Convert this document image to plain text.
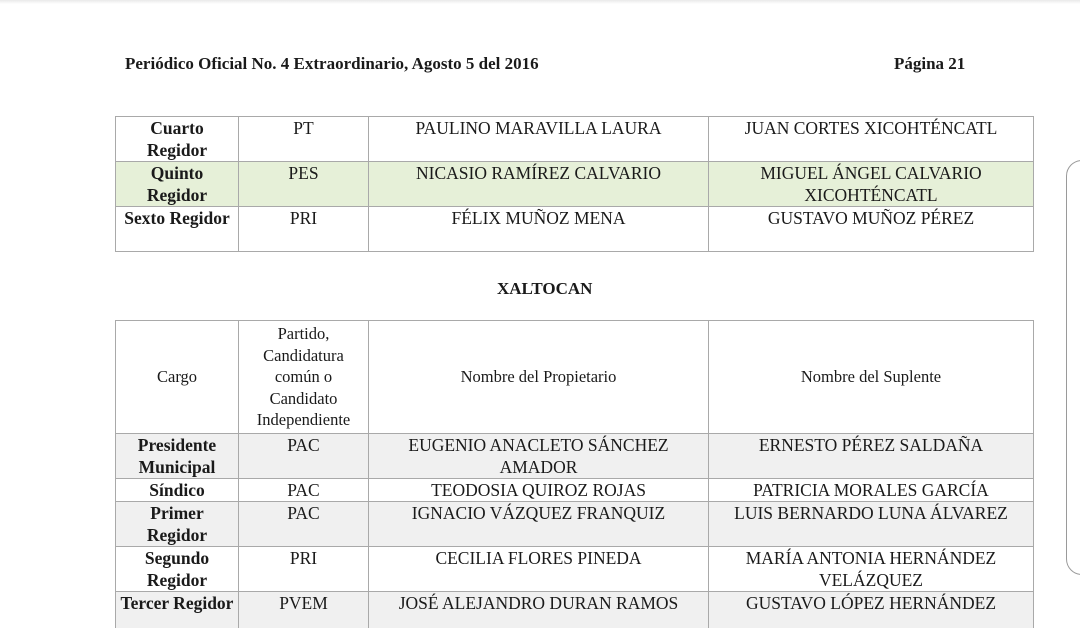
Periódico Oficial No. 4 Extraordinario, Agosto 5 del 2016	Página 21
Cuarto Regidor	PT	PAULINO MARAVILLA LAURA	JUAN CORTES XICOHTÉNCATL
Quinto Regidor	PES	NICASIO RAMÍREZ CALVARIO	MIGUEL ÁNGEL CALVARIO XICOHTÉNCATL
Sexto Regidor	PRI	FÉLIX MUÑOZ MENA	GUSTAVO MUÑOZ PÉREZ
XALTOCAN
Cargo	Partido, Candidatura común o Candidato Independiente	Nombre del Propietario	Nombre del Suplente
Presidente Municipal	PAC	EUGENIO ANACLETO SÁNCHEZ AMADOR	ERNESTO PÉREZ SALDAÑA
Síndico	PAC	TEODOSIA QUIROZ ROJAS	PATRICIA MORALES GARCÍA
Primer Regidor	PAC	IGNACIO VÁZQUEZ FRANQUIZ	LUIS BERNARDO LUNA ÁLVAREZ
Segundo Regidor	PRI	CECILIA FLORES PINEDA	MARÍA ANTONIA HERNÁNDEZ VELÁZQUEZ
Tercer Regidor	PVEM	JOSÉ ALEJANDRO DURAN RAMOS	GUSTAVO LÓPEZ HERNÁNDEZ
